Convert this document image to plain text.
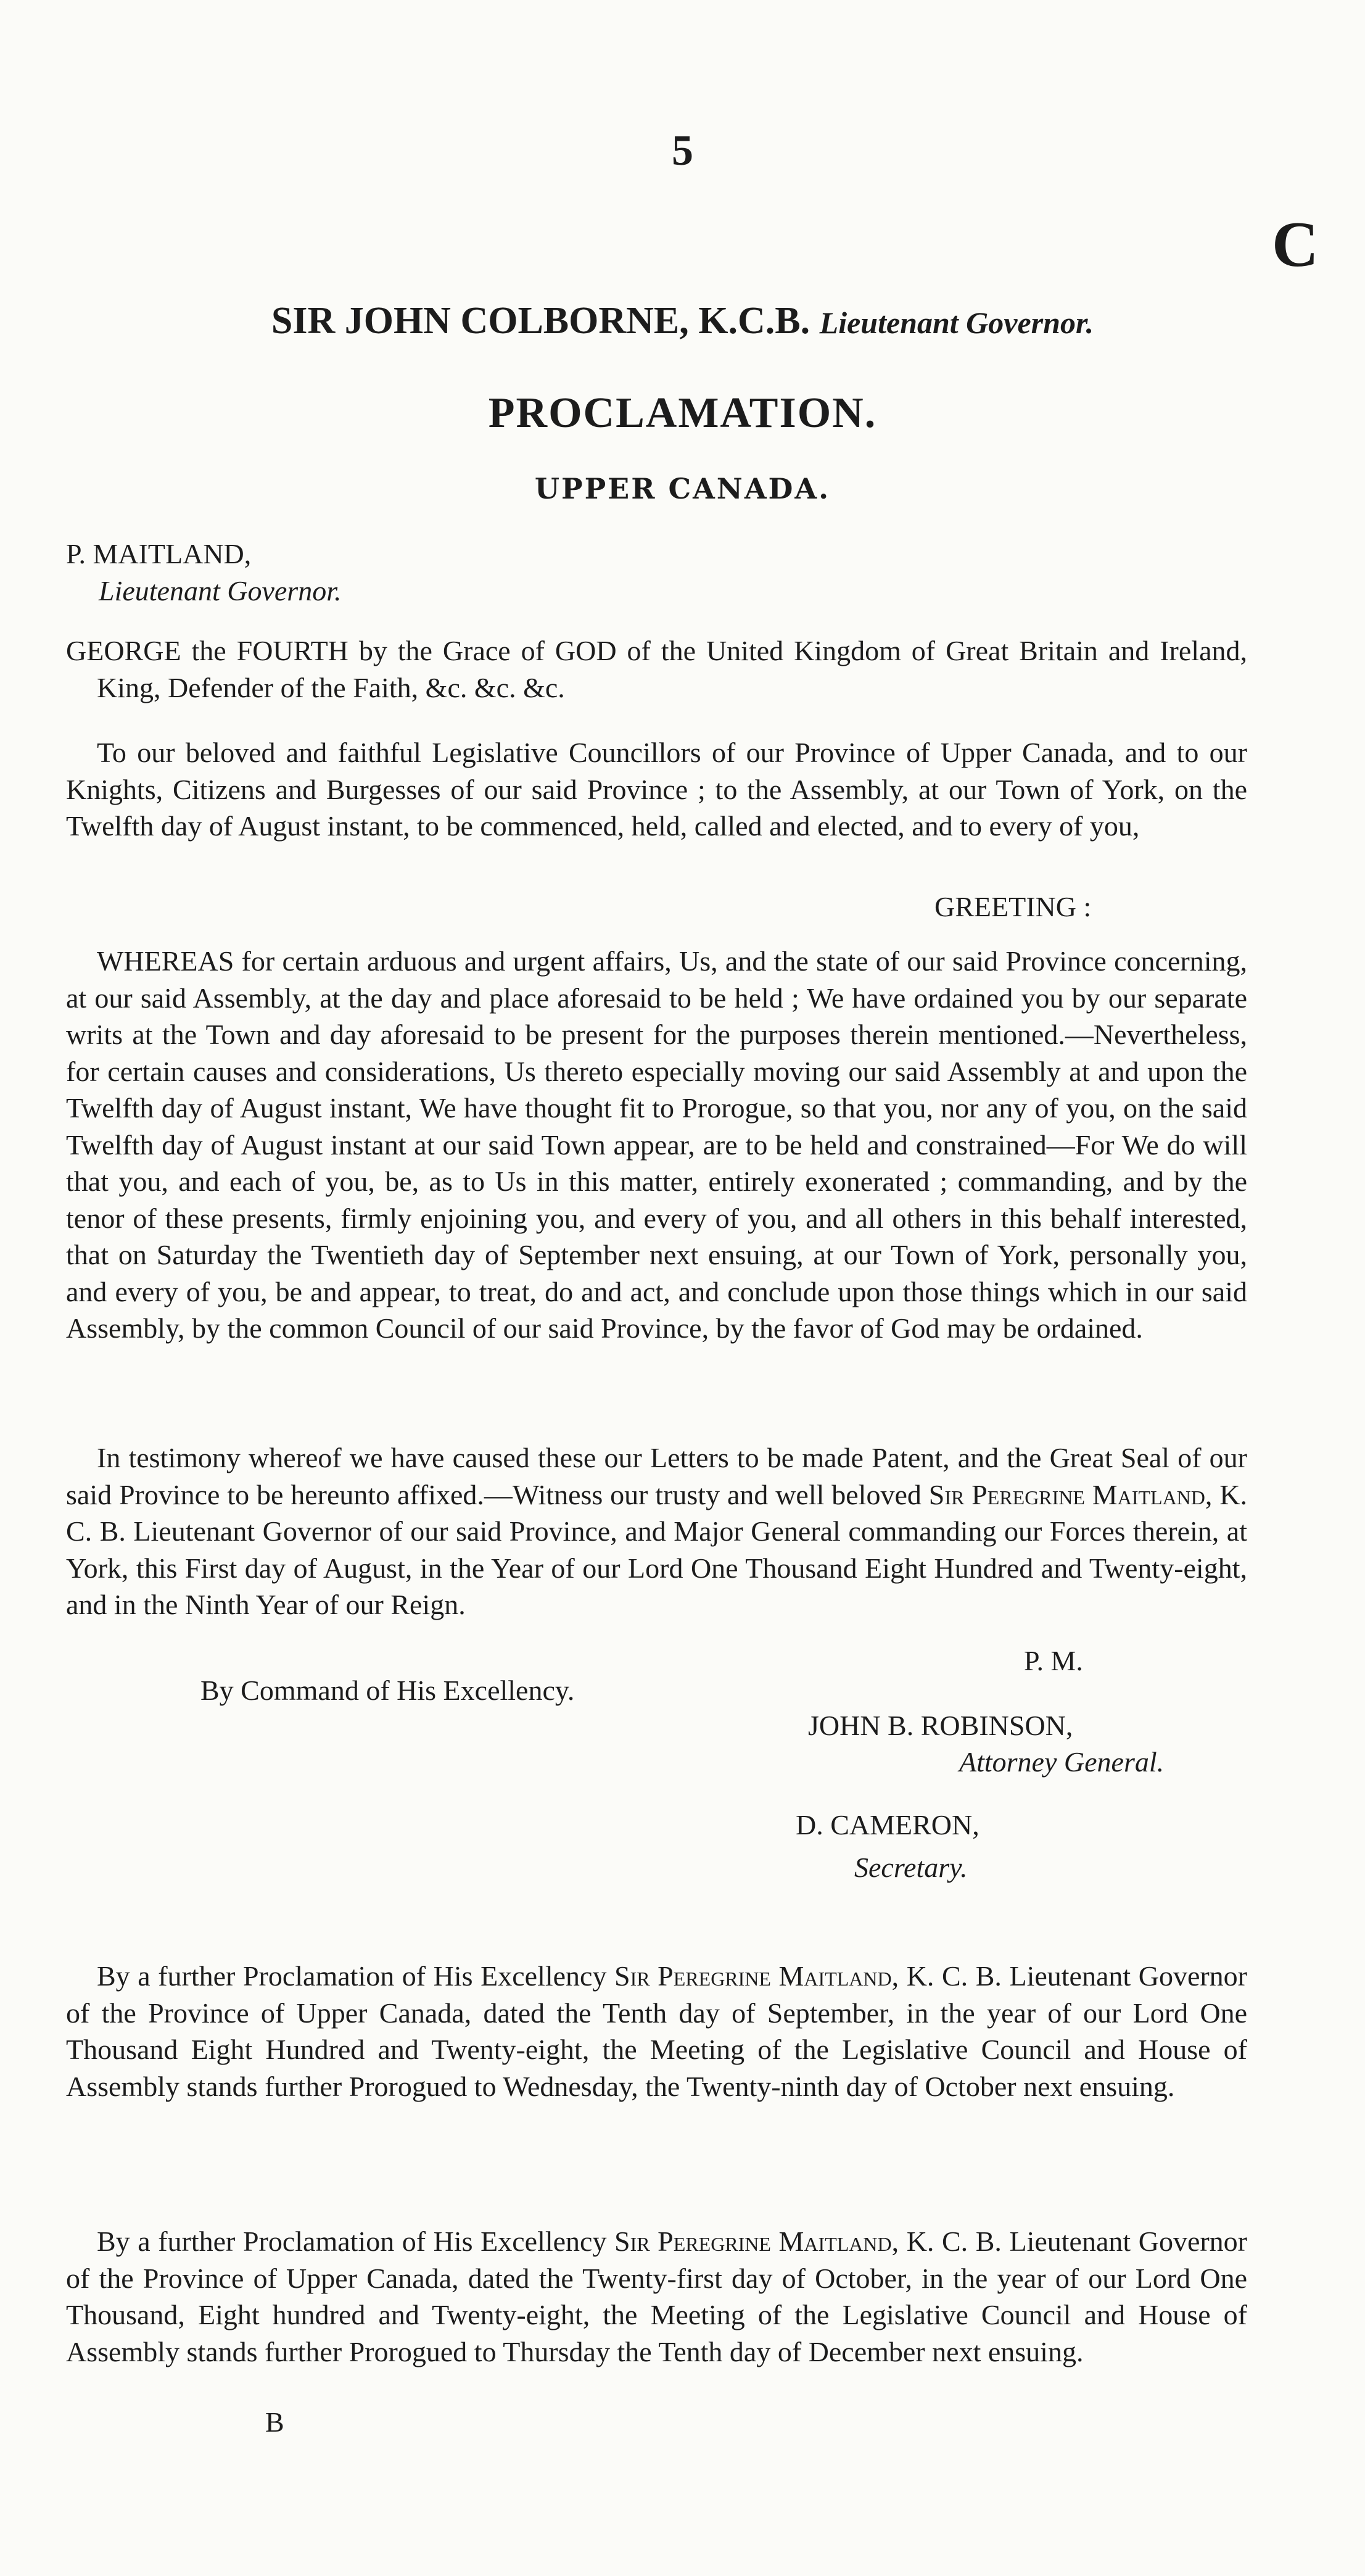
5
C
SIR JOHN COLBORNE, K.C.B. Lieutenant Governor.
PROCLAMATION.
UPPER CANADA.
P. MAITLAND,
Lieutenant Governor.
GEORGE the FOURTH by the Grace of GOD of the United Kingdom of Great Britain and Ireland, King, Defender of the Faith, &c. &c. &c.
To our beloved and faithful Legislative Councillors of our Province of Upper Canada, and to our Knights, Citizens and Burgesses of our said Province ; to the Assembly, at our Town of York, on the Twelfth day of August instant, to be commenced, held, called and elected, and to every of you,
GREETING :
WHEREAS for certain arduous and urgent affairs, Us, and the state of our said Province concerning, at our said Assembly, at the day and place aforesaid to be held ; We have ordained you by our separate writs at the Town and day aforesaid to be present for the purposes therein mentioned.—Nevertheless, for certain causes and considerations, Us thereto especially moving our said Assembly at and upon the Twelfth day of August instant, We have thought fit to Prorogue, so that you, nor any of you, on the said Twelfth day of August instant at our said Town appear, are to be held and constrained—For We do will that you, and each of you, be, as to Us in this matter, entirely exonerated ; commanding, and by the tenor of these presents, firmly enjoining you, and every of you, and all others in this behalf interested, that on Saturday the Twentieth day of September next ensuing, at our Town of York, personally you, and every of you, be and appear, to treat, do and act, and conclude upon those things which in our said Assembly, by the common Council of our said Province, by the favor of God may be ordained.
In testimony whereof we have caused these our Letters to be made Patent, and the Great Seal of our said Province to be hereunto affixed.—Witness our trusty and well beloved Sir Peregrine Maitland, K. C. B. Lieutenant Governor of our said Province, and Major General commanding our Forces therein, at York, this First day of August, in the Year of our Lord One Thousand Eight Hundred and Twenty-eight, and in the Ninth Year of our Reign.
P. M.
By Command of His Excellency.
JOHN B. ROBINSON,
Attorney General.
D. CAMERON,
Secretary.
By a further Proclamation of His Excellency Sir Peregrine Maitland, K. C. B. Lieutenant Governor of the Province of Upper Canada, dated the Tenth day of September, in the year of our Lord One Thousand Eight Hundred and Twenty-eight, the Meeting of the Legislative Council and House of Assembly stands further Prorogued to Wednesday, the Twenty-ninth day of October next ensuing.
By a further Proclamation of His Excellency Sir Peregrine Maitland, K. C. B. Lieutenant Governor of the Province of Upper Canada, dated the Twenty-first day of October, in the year of our Lord One Thousand, Eight hundred and Twenty-eight, the Meeting of the Legislative Council and House of Assembly stands further Prorogued to Thursday the Tenth day of December next ensuing.
B
